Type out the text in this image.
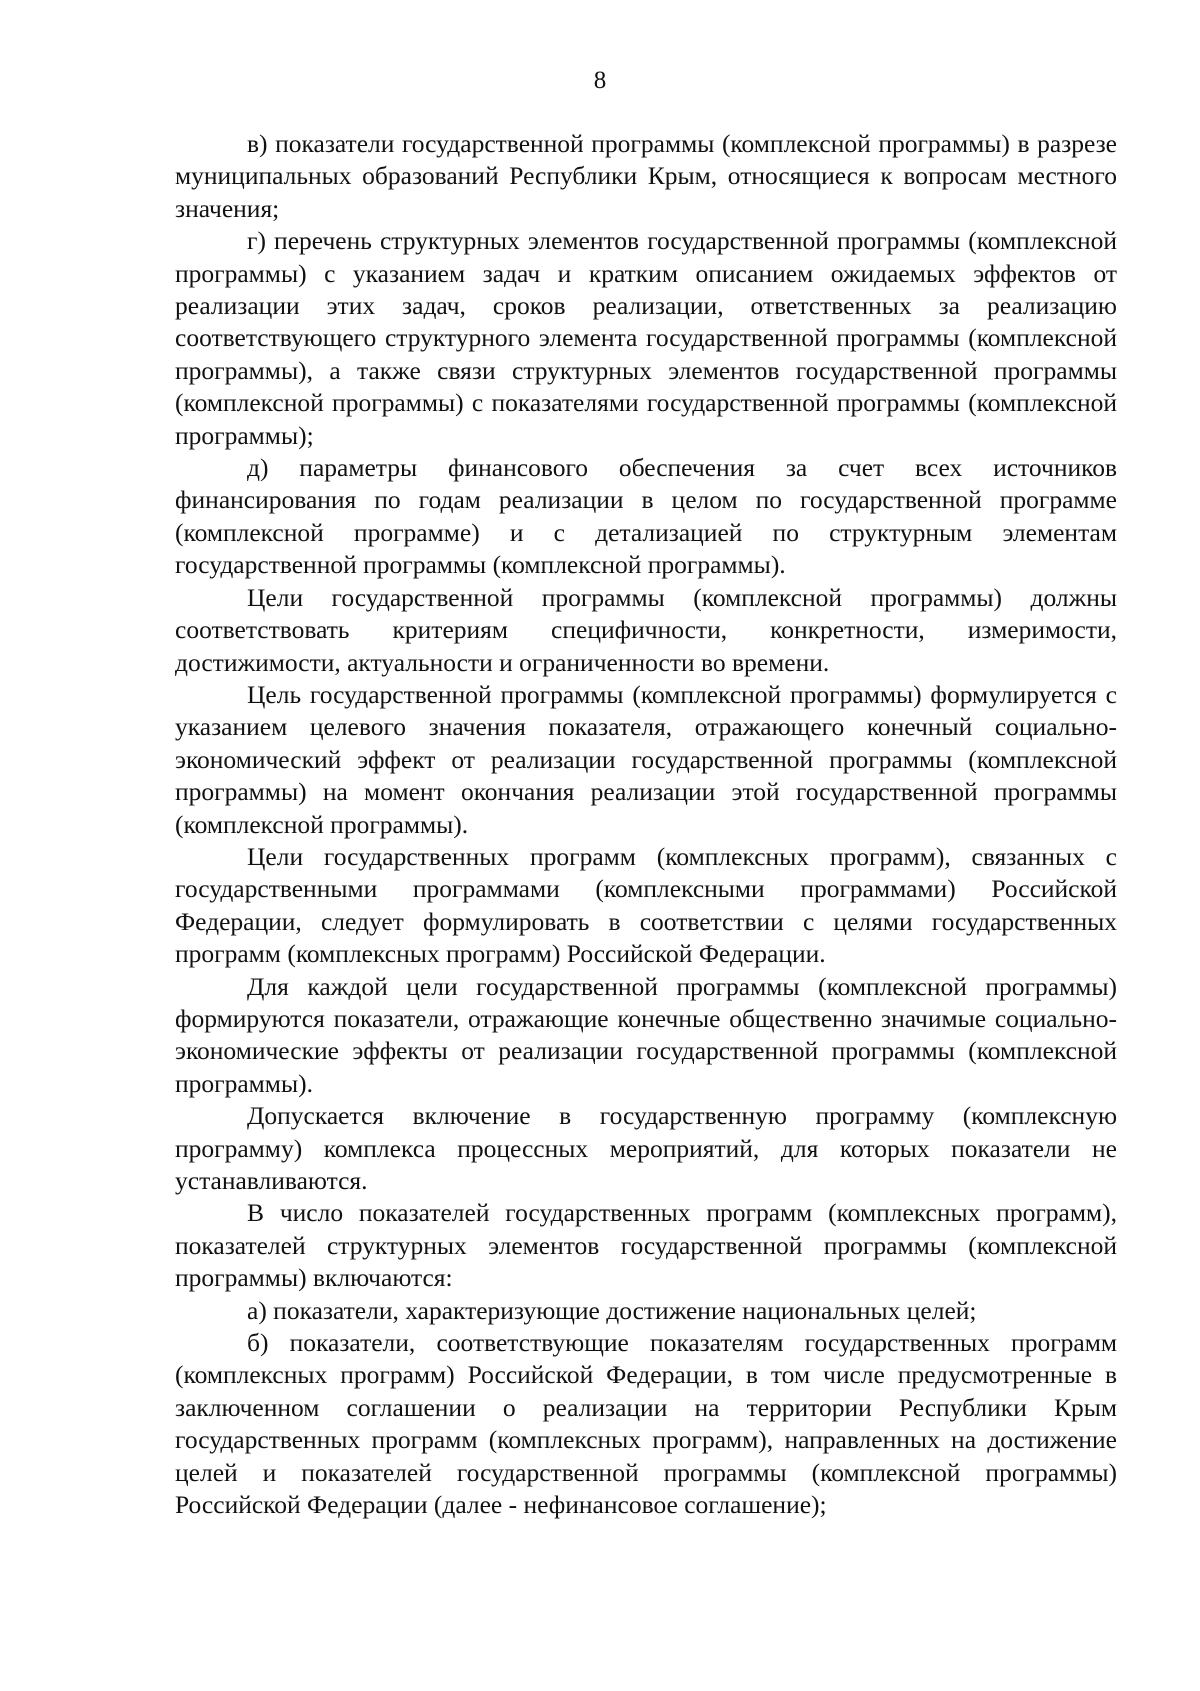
8

в) показатели государственной программы (комплексной программы) в разрезе муниципальных образований Республики Крым, относящиеся к вопросам местного значения;

г) перечень структурных элементов государственной программы (комплексной программы) с указанием задач и кратким описанием ожидаемых эффектов от реализации этих задач, сроков реализации, ответственных за реализацию соответствующего структурного элемента государственной программы (комплексной программы), а также связи структурных элементов государственной программы (комплексной программы) с показателями государственной программы (комплексной программы);

д) параметры финансового обеспечения за счет всех источников финансирования по годам реализации в целом по государственной программе (комплексной программе) и с детализацией по структурным элементам государственной программы (комплексной программы).

Цели государственной программы (комплексной программы) должны соответствовать критериям специфичности, конкретности, измеримости, достижимости, актуальности и ограниченности во времени.

Цель государственной программы (комплексной программы) формулируется с указанием целевого значения показателя, отражающего конечный социально-экономический эффект от реализации государственной программы (комплексной программы) на момент окончания реализации этой государственной программы (комплексной программы).

Цели государственных программ (комплексных программ), связанных с государственными программами (комплексными программами) Российской Федерации, следует формулировать в соответствии с целями государственных программ (комплексных программ) Российской Федерации.

Для каждой цели государственной программы (комплексной программы) формируются показатели, отражающие конечные общественно значимые социально-экономические эффекты от реализации государственной программы (комплексной программы).

Допускается включение в государственную программу (комплексную программу) комплекса процессных мероприятий, для которых показатели не устанавливаются.

В число показателей государственных программ (комплексных программ), показателей структурных элементов государственной программы (комплексной программы) включаются:

а) показатели, характеризующие достижение национальных целей;

б) показатели, соответствующие показателям государственных программ (комплексных программ) Российской Федерации, в том числе предусмотренные в заключенном соглашении о реализации на территории Республики Крым государственных программ (комплексных программ), направленных на достижение целей и показателей государственной программы (комплексной программы) Российской Федерации (далее - нефинансовое соглашение);
